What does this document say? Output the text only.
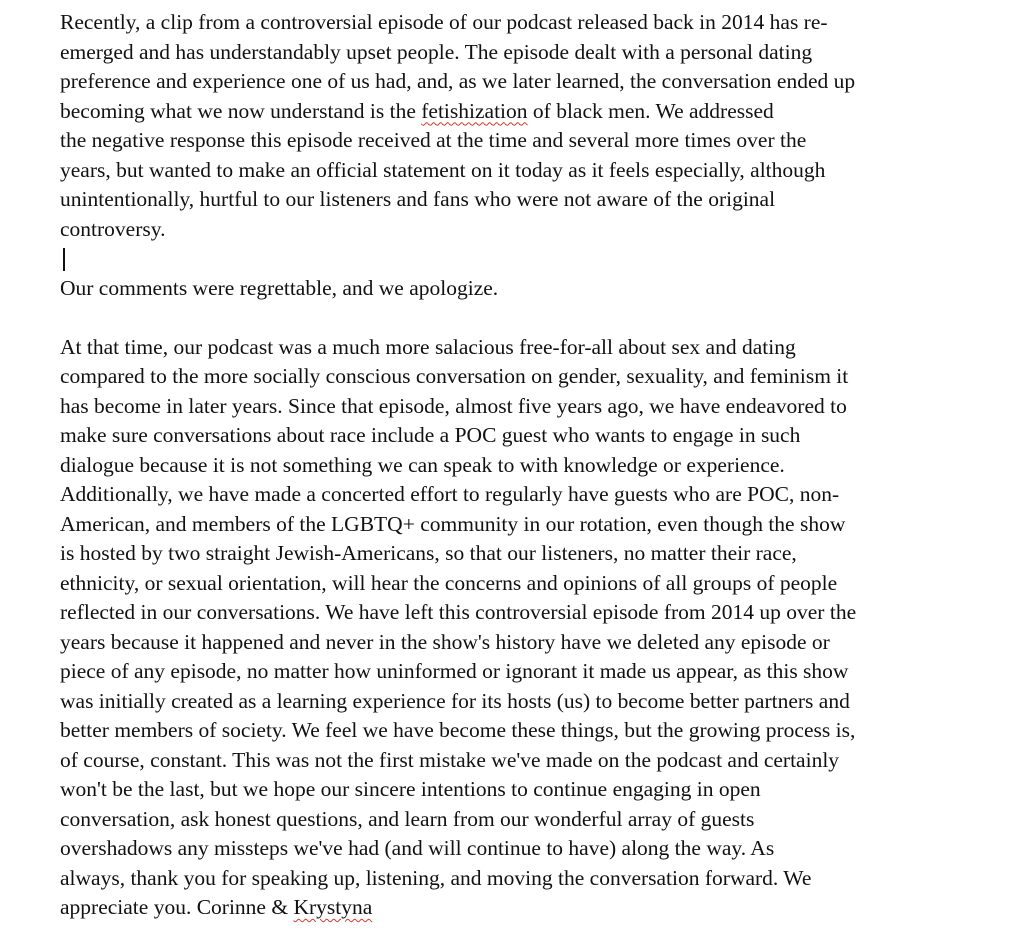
Recently, a clip from a controversial episode of our podcast released back in 2014 has re-
emerged and has understandably upset people. The episode dealt with a personal dating
preference and experience one of us had, and, as we later learned, the conversation ended up
becoming what we now understand is the fetishization of black men. We addressed
the negative response this episode received at the time and several more times over the
years, but wanted to make an official statement on it today as it feels especially, although
unintentionally, hurtful to our listeners and fans who were not aware of the original
controversy.
Our comments were regrettable, and we apologize.
At that time, our podcast was a much more salacious free-for-all about sex and dating
compared to the more socially conscious conversation on gender, sexuality, and feminism it
has become in later years. Since that episode, almost five years ago, we have endeavored to
make sure conversations about race include a POC guest who wants to engage in such
dialogue because it is not something we can speak to with knowledge or experience.
Additionally, we have made a concerted effort to regularly have guests who are POC, non-
American, and members of the LGBTQ+ community in our rotation, even though the show
is hosted by two straight Jewish-Americans, so that our listeners, no matter their race,
ethnicity, or sexual orientation, will hear the concerns and opinions of all groups of people
reflected in our conversations. We have left this controversial episode from 2014 up over the
years because it happened and never in the show's history have we deleted any episode or
piece of any episode, no matter how uninformed or ignorant it made us appear, as this show
was initially created as a learning experience for its hosts (us) to become better partners and
better members of society. We feel we have become these things, but the growing process is,
of course, constant. This was not the first mistake we've made on the podcast and certainly
won't be the last, but we hope our sincere intentions to continue engaging in open
conversation, ask honest questions, and learn from our wonderful array of guests
overshadows any missteps we've had (and will continue to have) along the way. As
always, thank you for speaking up, listening, and moving the conversation forward. We
appreciate you. Corinne & Krystyna
